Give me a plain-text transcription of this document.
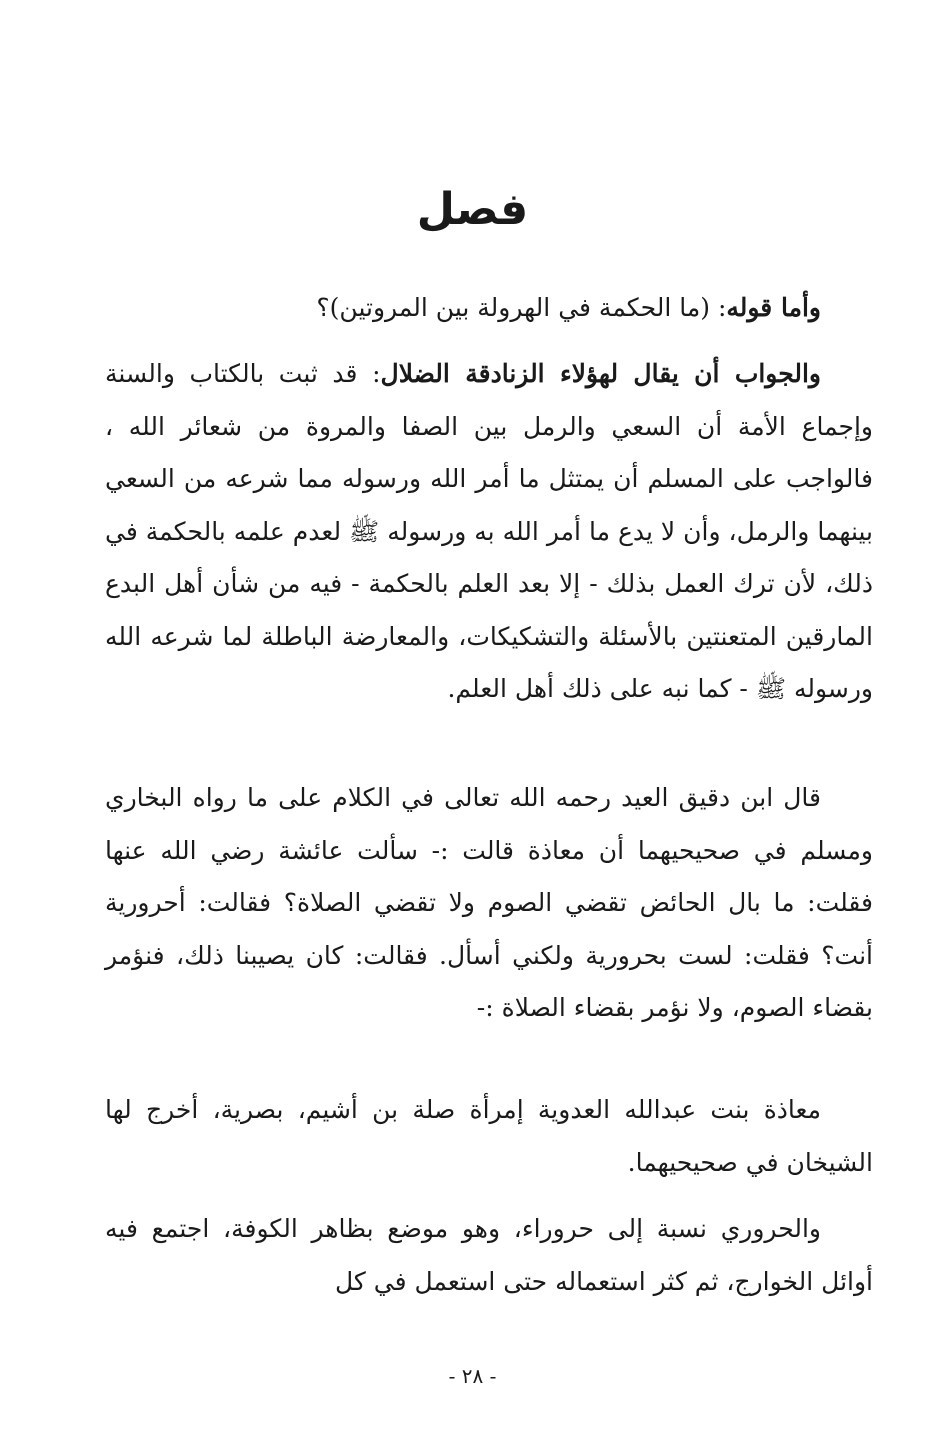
فصل

وأما قوله: (ما الحكمة في الهرولة بين المروتين)؟

والجواب أن يقال لهؤلاء الزنادقة الضلال: قد ثبت بالكتاب والسنة وإجماع الأمة أن السعي والرمل بين الصفا والمروة من شعائر الله ، فالواجب على المسلم أن يمتثل ما أمر الله ورسوله مما شرعه من السعي بينهما والرمل، وأن لا يدع ما أمر الله به ورسوله ﷺ لعدم علمه بالحكمة في ذلك، لأن ترك العمل بذلك - إلا بعد العلم بالحكمة - فيه من شأن أهل البدع المارقين المتعنتين بالأسئلة والتشكيكات، والمعارضة الباطلة لما شرعه الله ورسوله ﷺ - كما نبه على ذلك أهل العلم.

قال ابن دقيق العيد رحمه الله تعالى في الكلام على ما رواه البخاري ومسلم في صحيحيهما أن معاذة قالت :- سألت عائشة رضي الله عنها فقلت: ما بال الحائض تقضي الصوم ولا تقضي الصلاة؟ فقالت: أحرورية أنت؟ فقلت: لست بحرورية ولكني أسأل. فقالت: كان يصيبنا ذلك، فنؤمر بقضاء الصوم، ولا نؤمر بقضاء الصلاة :-

معاذة بنت عبدالله العدوية إمرأة صلة بن أشيم، بصرية، أخرج لها الشيخان في صحيحيهما.

والحروري نسبة إلى حروراء، وهو موضع بظاهر الكوفة، اجتمع فيه أوائل الخوارج، ثم كثر استعماله حتى استعمل في كل

- ٢٨ -
